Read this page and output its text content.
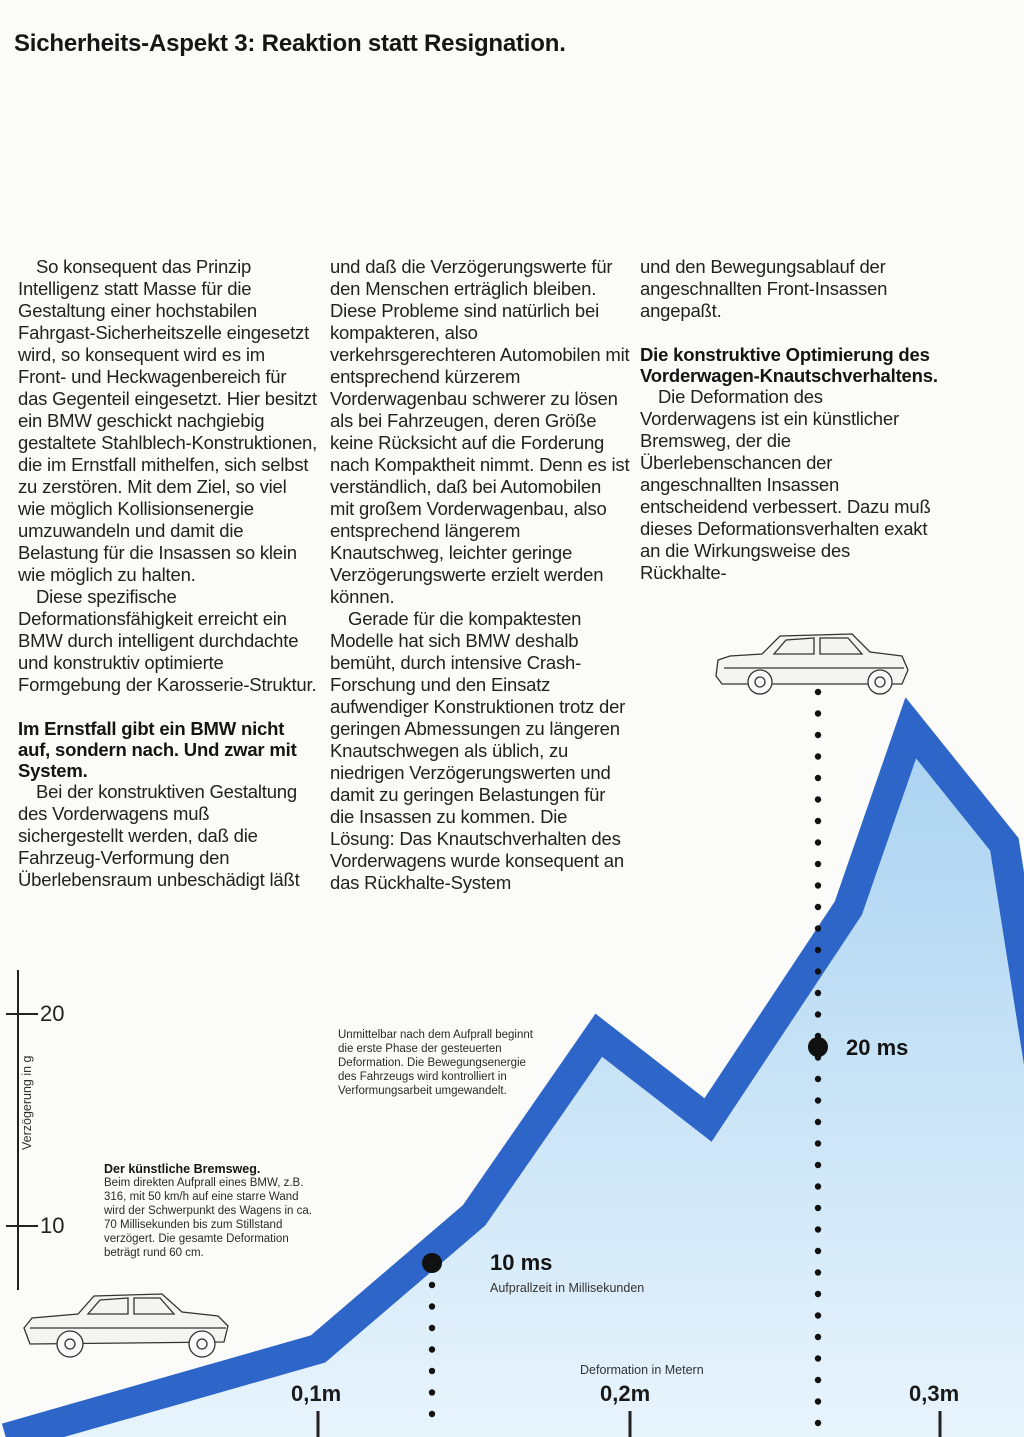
Sicherheits-Aspekt 3: Reaktion statt Resignation.

So konsequent das Prinzip Intelligenz statt Masse für die Gestaltung einer hochstabilen Fahrgast-Sicherheitszelle eingesetzt wird, so konsequent wird es im Front- und Heckwagenbereich für das Gegenteil eingesetzt. Hier besitzt ein BMW geschickt nachgiebig gestaltete Stahlblech-Konstruktionen, die im Ernstfall mithelfen, sich selbst zu zerstören. Mit dem Ziel, so viel wie möglich Kollisionsenergie umzuwandeln und damit die Belastung für die Insassen so klein wie möglich zu halten.

Diese spezifische Deformationsfähigkeit erreicht ein BMW durch intelligent durchdachte und konstruktiv optimierte Formgebung der Karosserie-Struktur.

Im Ernstfall gibt ein BMW nicht auf, sondern nach. Und zwar mit System.

Bei der konstruktiven Gestaltung des Vorderwagens muß sichergestellt werden, daß die Fahrzeug-Verformung den Überlebensraum unbeschädigt läßt

und daß die Verzögerungswerte für den Menschen erträglich bleiben. Diese Probleme sind natürlich bei kompakteren, also verkehrsgerechteren Automobilen mit entsprechend kürzerem Vorderwagenbau schwerer zu lösen als bei Fahrzeugen, deren Größe keine Rücksicht auf die Forderung nach Kompaktheit nimmt. Denn es ist verständlich, daß bei Automobilen mit großem Vorderwagenbau, also entsprechend längerem Knautschweg, leichter geringe Verzögerungswerte erzielt werden können.

Gerade für die kompaktesten Modelle hat sich BMW deshalb bemüht, durch intensive Crash-Forschung und den Einsatz aufwendiger Konstruktionen trotz der geringen Abmessungen zu längeren Knautschwegen als üblich, zu niedrigen Verzögerungswerten und damit zu geringen Belastungen für die Insassen zu kommen. Die Lösung: Das Knautschverhalten des Vorderwagens wurde konsequent an das Rückhalte-System

und den Bewegungsablauf der angeschnallten Front-Insassen angepaßt.

Die konstruktive Optimierung des Vorderwagen-Knautschverhaltens.

Die Deformation des Vorderwagens ist ein künstlicher Bremsweg, der die Überlebenschancen der angeschnallten Insassen entscheidend verbessert. Dazu muß dieses Deformationsverhalten exakt an die Wirkungsweise des Rückhalte-

20
10
Verzögerung in g
Der künstliche Bremsweg.
Beim direkten Aufprall eines BMW, z.B. 316, mit 50 km/h auf eine starre Wand wird der Schwerpunkt des Wagens in ca. 70 Millisekunden bis zum Stillstand verzögert. Die gesamte Deformation beträgt rund 60 cm.
Unmittelbar nach dem Aufprall beginnt die erste Phase der gesteuerten Deformation. Die Bewegungsenergie des Fahrzeugs wird kontrolliert in Verformungsarbeit umgewandelt.
10 ms
Aufprallzeit in Millisekunden
20 ms
Deformation in Metern
0,1m	0,2m	0,3m
